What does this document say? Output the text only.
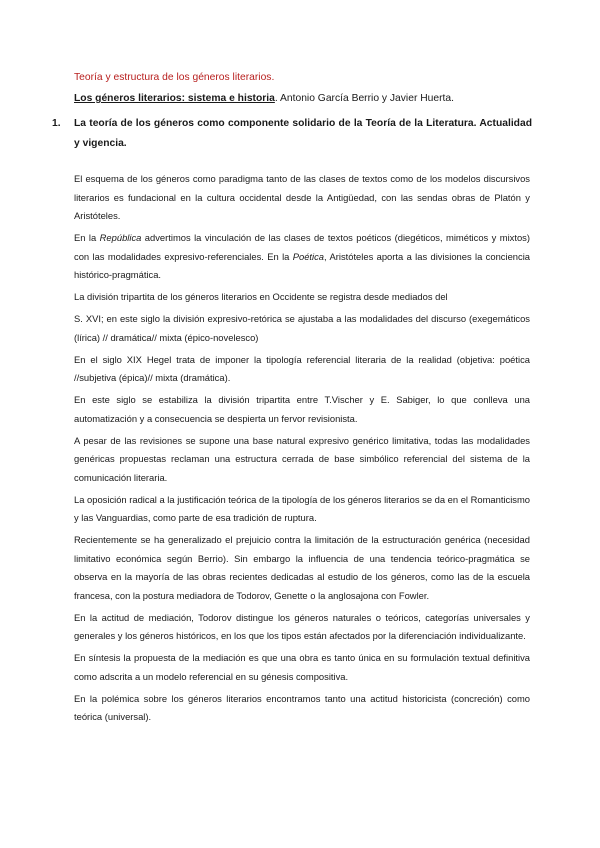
Teoría y estructura de los géneros literarios.
Los géneros literarios: sistema e historia. Antonio García Berrio y Javier Huerta.
1. La teoría de los géneros como componente solidario de la Teoría de la Literatura. Actualidad y vigencia.

El esquema de los géneros como paradigma tanto de las clases de textos como de los modelos discursivos literarios es fundacional en la cultura occidental desde la Antigüedad, con las sendas obras de Platón y Aristóteles.

En la República advertimos la vinculación de las clases de textos poéticos (diegéticos, miméticos y mixtos) con las modalidades expresivo-referenciales. En la Poética, Aristóteles aporta a las divisiones la conciencia histórico-pragmática.

La división tripartita de los géneros literarios en Occidente se registra desde mediados del

S. XVI; en este siglo la división expresivo-retórica se ajustaba a las modalidades del discurso (exegemáticos (lírica) // dramática// mixta (épico-novelesco)

En el siglo XIX Hegel trata de imponer la tipología referencial literaria de la realidad (objetiva: poética //subjetiva (épica)// mixta (dramática).

En este siglo se estabiliza la división tripartita entre T.Vischer y E. Sabiger, lo que conlleva una automatización y a consecuencia se despierta un fervor revisionista.

A pesar de las revisiones se supone una base natural expresivo genérico limitativa, todas las modalidades genéricas propuestas reclaman una estructura cerrada de base simbólico referencial del sistema de la comunicación literaria.

La oposición radical a la justificación teórica de la tipología de los géneros literarios se da en el Romanticismo y las Vanguardias, como parte de esa tradición de ruptura.

Recientemente se ha generalizado el prejuicio contra la limitación de la estructuración genérica (necesidad limitativo económica según Berrio). Sin embargo la influencia de una tendencia teórico-pragmática se observa en la mayoría de las obras recientes dedicadas al estudio de los géneros, como las de la escuela francesa, con la postura mediadora de Todorov, Genette o la anglosajona con Fowler.

En la actitud de mediación, Todorov distingue los géneros naturales o teóricos, categorías universales y generales y los géneros históricos, en los que los tipos están afectados por la diferenciación individualizante.

En síntesis la propuesta de la mediación es que una obra es tanto única en su formulación textual definitiva como adscrita a un modelo referencial en su génesis compositiva.

En la polémica sobre los géneros literarios encontramos tanto una actitud historicista (concreción) como teórica (universal).
